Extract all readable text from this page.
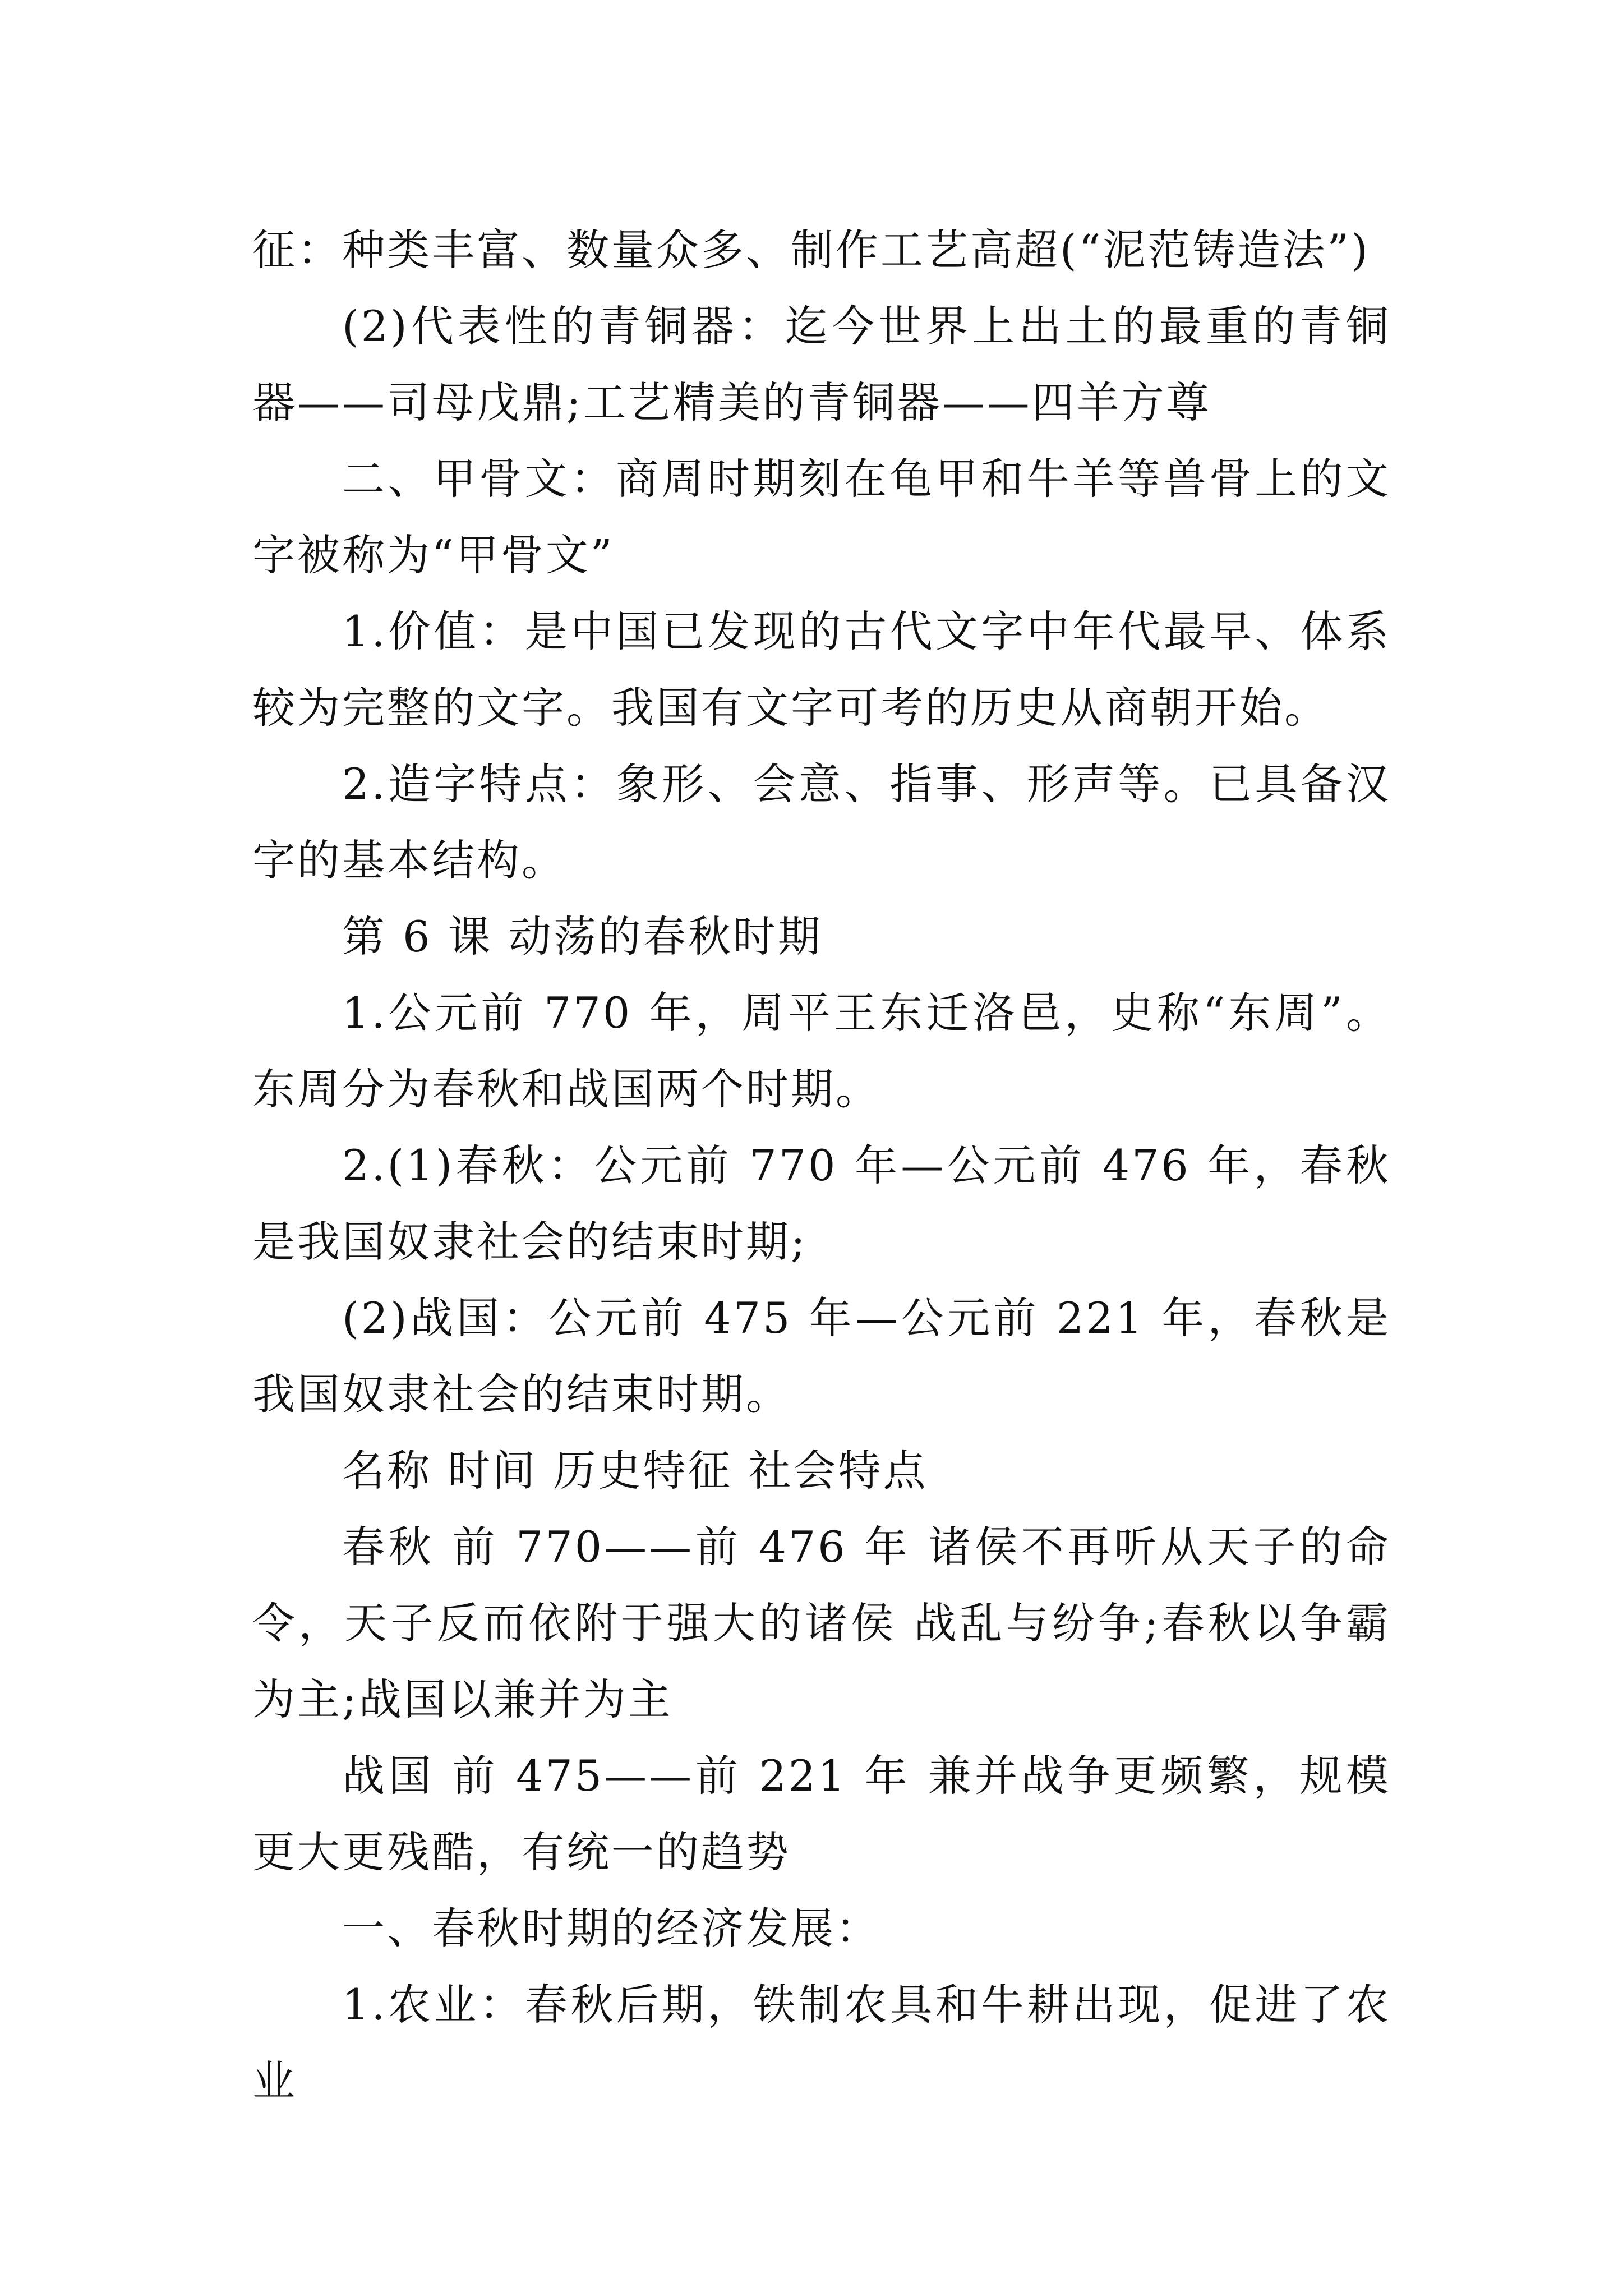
征：种类丰富、数量众多、制作工艺高超(“泥范铸造法”)

(2)代表性的青铜器：迄今世界上出土的最重的青铜器——司母戊鼎;工艺精美的青铜器——四羊方尊

二、甲骨文：商周时期刻在龟甲和牛羊等兽骨上的文字被称为“甲骨文”

1.价值：是中国已发现的古代文字中年代最早、体系较为完整的文字。我国有文字可考的历史从商朝开始。

2.造字特点：象形、会意、指事、形声等。已具备汉字的基本结构。

第 6 课 动荡的春秋时期

1.公元前 770 年，周平王东迁洛邑，史称“东周”。东周分为春秋和战国两个时期。

2.(1)春秋：公元前 770 年—公元前 476 年，春秋是我国奴隶社会的结束时期;

(2)战国：公元前 475 年—公元前 221 年，春秋是我国奴隶社会的结束时期。

名称 时间 历史特征 社会特点

春秋 前 770——前 476 年 诸侯不再听从天子的命令，天子反而依附于强大的诸侯 战乱与纷争;春秋以争霸为主;战国以兼并为主

战国 前 475——前 221 年 兼并战争更频繁，规模更大更残酷，有统一的趋势

一、春秋时期的经济发展：

1.农业：春秋后期，铁制农具和牛耕出现，促进了农业
